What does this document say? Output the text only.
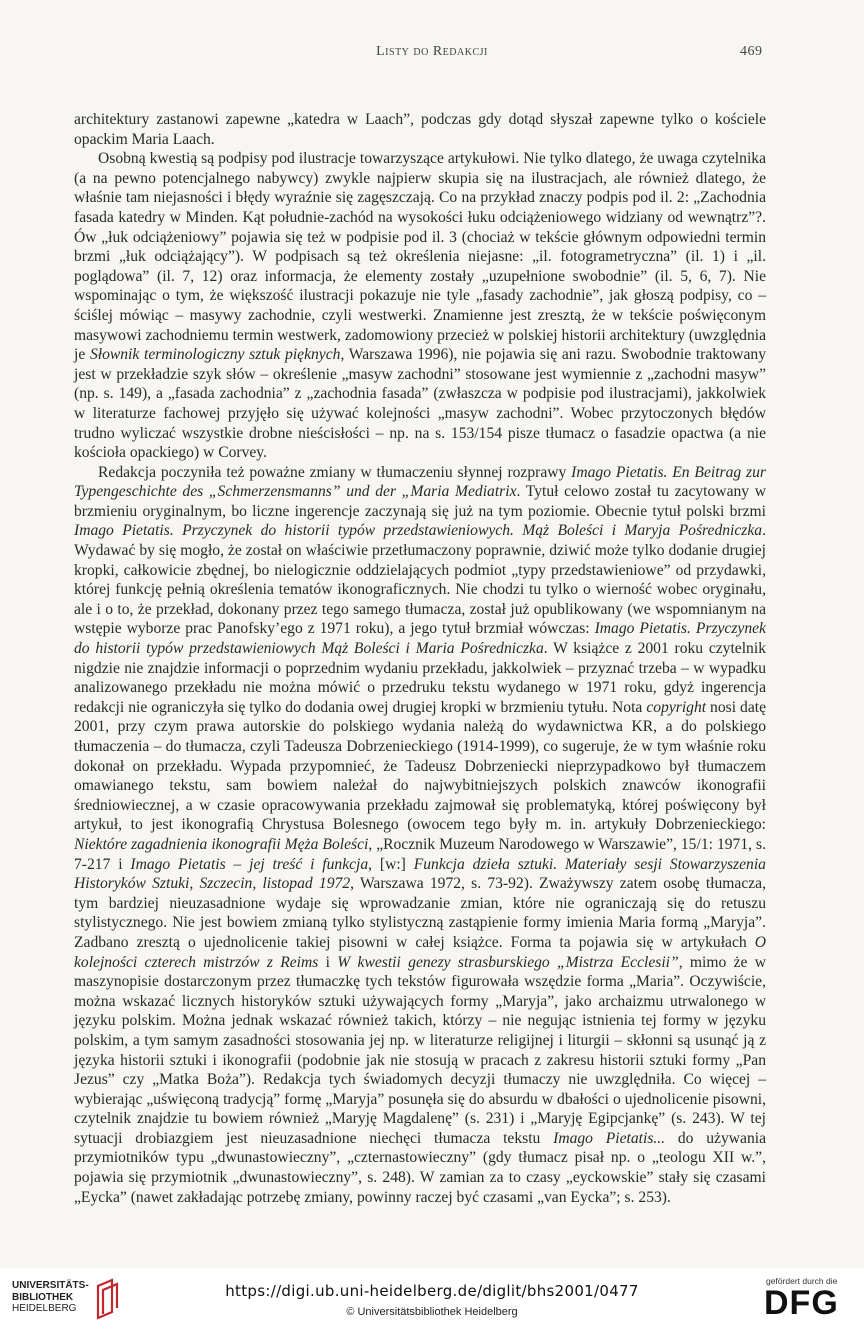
Listy do Redakcji	469

architektury zastanowi zapewne „katedra w Laach”, podczas gdy dotąd słyszał zapewne tylko o kościele opackim Maria Laach.

Osobną kwestią są podpisy pod ilustracje towarzyszące artykułowi. Nie tylko dlatego, że uwaga czytelnika (a na pewno potencjalnego nabywcy) zwykle najpierw skupia się na ilustracjach, ale również dlatego, że właśnie tam niejasności i błędy wyraźnie się zagęszczają. Co na przykład znaczy podpis pod il. 2: „Zachodnia fasada katedry w Minden. Kąt południe-zachód na wysokości łuku odciążeniowego widziany od wewnątrz”?. Ów „łuk odciążeniowy” pojawia się też w podpisie pod il. 3 (chociaż w tekście głównym odpowiedni termin brzmi „łuk odciążający”). W podpisach są też określenia niejasne: „il. fotogrametryczna” (il. 1) i „il. poglądowa” (il. 7, 12) oraz informacja, że elementy zostały „uzupełnione swobodnie” (il. 5, 6, 7). Nie wspominając o tym, że większość ilustracji pokazuje nie tyle „fasady zachodnie”, jak głoszą podpisy, co – ściślej mówiąc – masywy zachodnie, czyli westwerki. Znamienne jest zresztą, że w tekście poświęconym masywowi zachodniemu termin westwerk, zadomowiony przecież w polskiej historii architektury (uwzględnia je Słownik terminologiczny sztuk pięknych, Warszawa 1996), nie pojawia się ani razu. Swobodnie traktowany jest w przekładzie szyk słów – określenie „masyw zachodni” stosowane jest wymiennie z „zachodni masyw” (np. s. 149), a „fasada zachodnia” z „zachodnia fasada” (zwłaszcza w podpisie pod ilustracjami), jakkolwiek w literaturze fachowej przyjęło się używać kolejności „masyw zachodni”. Wobec przytoczonych błędów trudno wyliczać wszystkie drobne nieścisłości – np. na s. 153/154 pisze tłumacz o fasadzie opactwa (a nie kościoła opackiego) w Corvey.

Redakcja poczyniła też poważne zmiany w tłumaczeniu słynnej rozprawy Imago Pietatis. En Beitrag zur Typengeschichte des „Schmerzensmanns” und der „Maria Mediatrix. Tytuł celowo został tu zacytowany w brzmieniu oryginalnym, bo liczne ingerencje zaczynają się już na tym poziomie. Obecnie tytuł polski brzmi Imago Pietatis. Przyczynek do historii typów przedstawieniowych. Mąż Boleści i Maryja Pośredniczka. Wydawać by się mogło, że został on właściwie przetłumaczony poprawnie, dziwić może tylko dodanie drugiej kropki, całkowicie zbędnej, bo nielogicznie oddzielających podmiot „typy przedstawieniowe” od przydawki, której funkcję pełnią określenia tematów ikonograficznych. Nie chodzi tu tylko o wierność wobec oryginału, ale i o to, że przekład, dokonany przez tego samego tłumacza, został już opublikowany (we wspomnianym na wstępie wyborze prac Panofsky’ego z 1971 roku), a jego tytuł brzmiał wówczas: Imago Pietatis. Przyczynek do historii typów przedstawieniowych Mąż Boleści i Maria Pośredniczka. W książce z 2001 roku czytelnik nigdzie nie znajdzie informacji o poprzednim wydaniu przekładu, jakkolwiek – przyznać trzeba – w wypadku analizowanego przekładu nie można mówić o przedruku tekstu wydanego w 1971 roku, gdyż ingerencja redakcji nie ograniczyła się tylko do dodania owej drugiej kropki w brzmieniu tytułu. Nota copyright nosi datę 2001, przy czym prawa autorskie do polskiego wydania należą do wydawnictwa KR, a do polskiego tłumaczenia – do tłumacza, czyli Tadeusza Dobrzenieckiego (1914-1999), co sugeruje, że w tym właśnie roku dokonał on przekładu. Wypada przypomnieć, że Tadeusz Dobrzeniecki nieprzypadkowo był tłumaczem omawianego tekstu, sam bowiem należał do najwybitniejszych polskich znawców ikonografii średniowiecznej, a w czasie opracowywania przekładu zajmował się problematyką, której poświęcony był artykuł, to jest ikonografią Chrystusa Bolesnego (owocem tego były m. in. artykuły Dobrzenieckiego: Niektóre zagadnienia ikonografii Męża Boleści, „Rocznik Muzeum Narodowego w Warszawie”, 15/1: 1971, s. 7-217 i Imago Pietatis – jej treść i funkcja, [w:] Funkcja dzieła sztuki. Materiały sesji Stowarzyszenia Historyków Sztuki, Szczecin, listopad 1972, Warszawa 1972, s. 73-92). Zważywszy zatem osobę tłumacza, tym bardziej nieuzasadnione wydaje się wprowadzanie zmian, które nie ograniczają się do retuszu stylistycznego. Nie jest bowiem zmianą tylko stylistyczną zastąpienie formy imienia Maria formą „Maryja”. Zadbano zresztą o ujednolicenie takiej pisowni w całej książce. Forma ta pojawia się w artykułach O kolejności czterech mistrzów z Reims i W kwestii genezy strasburskiego „Mistrza Ecclesii”, mimo że w maszynopisie dostarczonym przez tłumaczkę tych tekstów figurowała wszędzie forma „Maria”. Oczywiście, można wskazać licznych historyków sztuki używających formy „Maryja”, jako archaizmu utrwalonego w języku polskim. Można jednak wskazać również takich, którzy – nie negując istnienia tej formy w języku polskim, a tym samym zasadności stosowania jej np. w literaturze religijnej i liturgii – skłonni są usunąć ją z języka historii sztuki i ikonografii (podobnie jak nie stosują w pracach z zakresu historii sztuki formy „Pan Jezus” czy „Matka Boża”). Redakcja tych świadomych decyzji tłumaczy nie uwzględniła. Co więcej – wybierając „uświęconą tradycją” formę „Maryja” posunęła się do absurdu w dbałości o ujednolicenie pisowni, czytelnik znajdzie tu bowiem również „Maryję Magdalenę” (s. 231) i „Maryję Egipcjankę” (s. 243). W tej sytuacji drobiazgiem jest nieuzasadnione niechęci tłumacza tekstu Imago Pietatis... do używania przymiotników typu „dwunastowieczny”, „czternastowieczny” (gdy tłumacz pisał np. o „teologu XII w.”, pojawia się przymiotnik „dwunastowieczny”, s. 248). W zamian za to czasy „eyckowskie” stały się czasami „Eycka” (nawet zakładając potrzebę zmiany, powinny raczej być czasami „van Eycka”; s. 253).

UNIVERSITÄTS-
BIBLIOTHEK
HEIDELBERG
https://digi.ub.uni-heidelberg.de/diglit/bhs2001/0477
© Universitätsbibliothek Heidelberg
gefördert durch die
DFG
